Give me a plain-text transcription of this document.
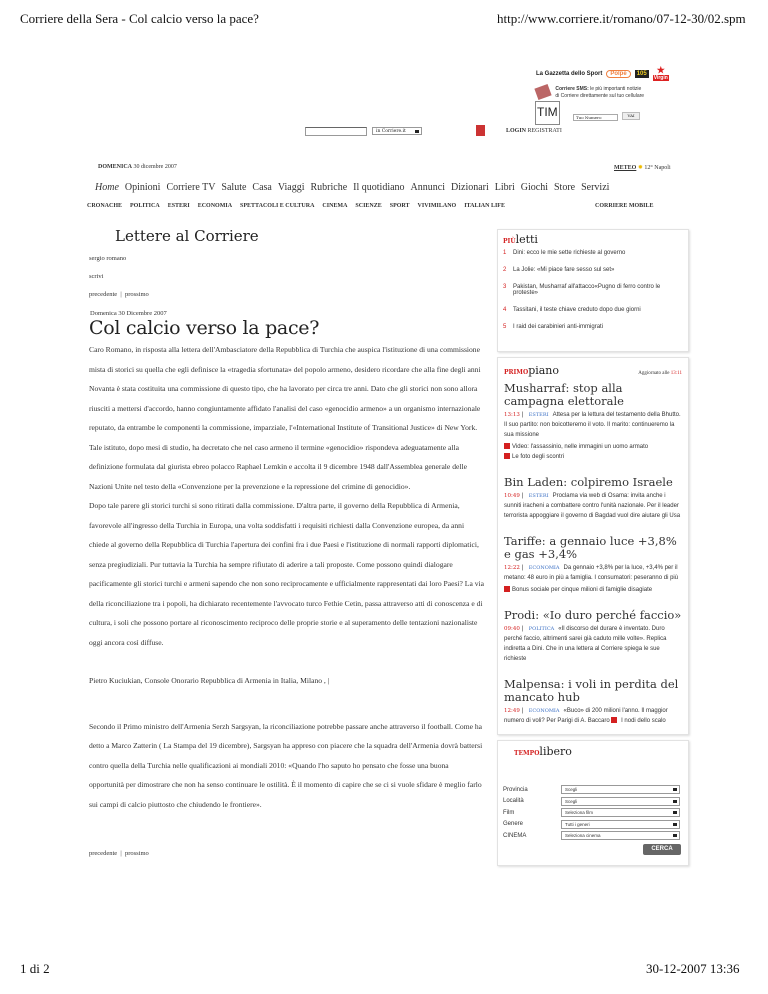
Corriere della Sera - Col calcio verso la pace?	http://www.corriere.it/romano/07-12-30/02.spm
La Gazzetta dello Sport	Polpe	105 ★
Virgin
Corriere SMS: le più importanti notizie
di Corriere direttamente sul tuo cellulare
TIM	Tuo Numero	VAI
in Corriere.it	LOGIN REGISTRATI
DOMENICA 30 dicembre 2007	METEO ✹ 12° Napoli
Home Opinioni Corriere TV Salute Casa Viaggi Rubriche Il quotidiano Annunci Dizionari Libri Giochi Store Servizi
CRONACHE POLITICA ESTERI ECONOMIA SPETTACOLI E CULTURA CINEMA SCIENZE SPORT VIVIMILANO ITALIAN LIFE	CORRIERE MOBILE
Lettere al Corriere
sergio romano
scrivi
precedente | prossimo
Domenica 30 Dicembre 2007
Col calcio verso la pace?

Caro Romano, in risposta alla lettera dell'Ambasciatore della Repubblica di Turchia che auspica l'istituzione di una commissione mista di storici su quella che egli definisce la «tragedia sfortunata» del popolo armeno, desidero ricordare che alla fine degli anni Novanta è stata costituita una commissione di questo tipo, che ha lavorato per circa tre anni. Dato che gli storici non sono allora riusciti a mettersi d'accordo, hanno congiuntamente affidato l'analisi del caso «genocidio armeno» a un organismo internazionale reputato, da entrambe le componenti la commissione, imparziale, l'«International Institute of Transitional Justice» di New York. Tale istituto, dopo mesi di studio, ha decretato che nel caso armeno il termine «genocidio» rispondeva adeguatamente alla definizione formulata dal giurista ebreo polacco Raphael Lemkin e accolta il 9 dicembre 1948 dall'Assemblea generale delle Nazioni Unite nel testo della «Convenzione per la prevenzione e la repressione del crimine di genocidio».

Dopo tale parere gli storici turchi si sono ritirati dalla commissione. D'altra parte, il governo della Repubblica di Armenia, favorevole all'ingresso della Turchia in Europa, una volta soddisfatti i requisiti richiesti dalla Convenzione europea, da anni chiede al governo della Repubblica di Turchia l'apertura dei confini fra i due Paesi e l'istituzione di normali rapporti diplomatici, senza pregiudiziali. Pur tuttavia la Turchia ha sempre rifiutato di aderire a tali proposte. Come possono quindi dialogare pacificamente gli storici turchi e armeni sapendo che non sono reciprocamente e ufficialmente rappresentati dai loro Paesi? La via della riconciliazione tra i popoli, ha dichiarato recentemente l'avvocato turco Fethie Cetin, passa attraverso atti di conoscenza e di cultura, i soli che possono portare al riconoscimento reciproco delle proprie storie e al superamento delle tentazioni nazionaliste oggi ancora così diffuse.

Pietro Kuciukian, Console Onorario Repubblica di Armenia in Italia, Milano , |

Secondo il Primo ministro dell'Armenia Serzh Sargsyan, la riconciliazione potrebbe passare anche attraverso il football. Come ha detto a Marco Zatterin ( La Stampa del 19 dicembre), Sargsyan ha appreso con piacere che la squadra dell'Armenia dovrà battersi contro quella della Turchia nelle qualificazioni ai mondiali 2010: «Quando l'ho saputo ho pensato che fosse una buona opportunità per dimostrare che non ha senso continuare le ostilità. È il momento di capire che se ci si vuole sfidare è meglio farlo sui campi di calcio piuttosto che chiudendo le frontiere».

precedente | prossimo

PIÙletti
1	Dini: ecco le mie sette richieste al governo
2	La Jolie: «Mi piace fare sesso sul set»
3	Pakistan, Musharraf all'attacco«Pugno di ferro contro le proteste»
4	Tassitani, il teste chiave creduto dopo due giorni
5	I raid dei carabinieri anti-immigrati
PRIMOpiano	Aggiornato alle 13:11
Musharraf: stop alla campagna elettorale

13:13 | ESTERI Attesa per la lettura del testamento della Bhutto. Il suo partito: non boicotteremo il voto. Il marito: continueremo la sua missione

Video: l'assassinio, nelle immagini un uomo armato
Le foto degli scontri

Bin Laden: colpiremo Israele

10:49 | ESTERI Proclama via web di Osama: invita anche i sunniti iracheni a combattere contro l'unità nazionale. Per il leader terrorista appoggiare il governo di Bagdad vuol dire aiutare gli Usa

Tariffe: a gennaio luce +3,8% e gas +3,4%

12:22 | ECONOMIA Da gennaio +3,8% per la luce, +3,4% per il metano: 48 euro in più a famiglia. I consumatori: peseranno di più

Bonus sociale per cinque milioni di famiglie disagiate

Prodi: «Io duro perché faccio»

09:40 | POLITICA «Il discorso del durare è inventato. Duro perché faccio, altrimenti sarei già caduto mille volte». Replica indiretta a Dini. Che in una lettera al Corriere spiega le sue richieste

Malpensa: i voli in perdita del mancato hub

12:49 | ECONOMIA «Buco» di 200 milioni l'anno. Il maggior numero di voli? Per Parigi di A. Baccaro I nodi dello scalo

TEMPOlibero
Provincia	Scegli
Località	Scegli
Film	Seleziona film
Genere	Tutti i generi
CINEMA	Seleziona cinema
CERCA
1 di 2	30-12-2007 13:36
